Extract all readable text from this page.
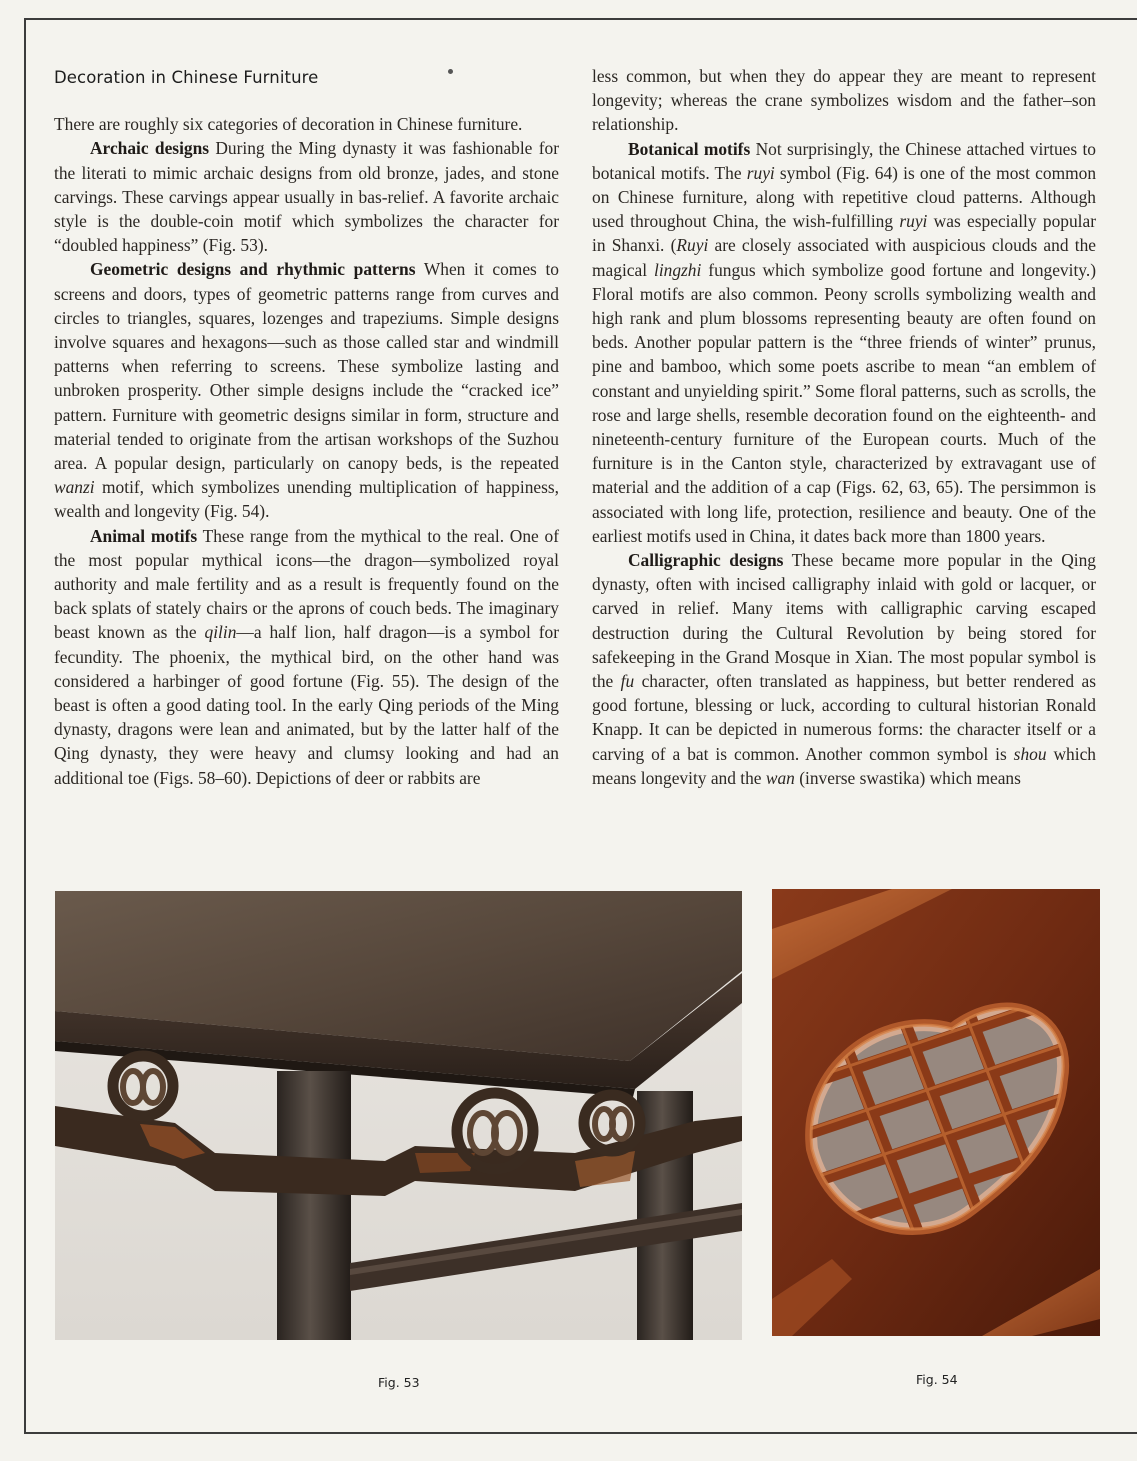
Decoration in Chinese Furniture

There are roughly six categories of decoration in Chinese furniture.

Archaic designs During the Ming dynasty it was fashionable for the literati to mimic archaic designs from old bronze, jades, and stone carvings. These carvings appear usually in bas-relief. A favorite archaic style is the double-coin motif which symbolizes the character for “doubled happiness” (Fig. 53).

Geometric designs and rhythmic patterns When it comes to screens and doors, types of geometric patterns range from curves and circles to triangles, squares, lozenges and trapeziums. Simple designs involve squares and hexagons—such as those called star and windmill patterns when referring to screens. These symbolize lasting and unbroken prosperity. Other simple designs include the “cracked ice” pattern. Furniture with geometric designs similar in form, structure and material tended to originate from the artisan workshops of the Suzhou area. A popular design, particularly on canopy beds, is the repeated wanzi motif, which symbolizes unending multiplication of happiness, wealth and longevity (Fig. 54).

Animal motifs These range from the mythical to the real. One of the most popular mythical icons—the dragon—symbolized royal authority and male fertility and as a result is frequently found on the back splats of stately chairs or the aprons of couch beds. The imaginary beast known as the qilin—a half lion, half dragon—is a symbol for fecundity. The phoenix, the mythical bird, on the other hand was considered a harbinger of good fortune (Fig. 55). The design of the beast is often a good dating tool. In the early Qing periods of the Ming dynasty, dragons were lean and animated, but by the latter half of the Qing dynasty, they were heavy and clumsy looking and had an additional toe (Figs. 58–60). Depictions of deer or rabbits are

less common, but when they do appear they are meant to represent longevity; whereas the crane symbolizes wisdom and the father–son relationship.

Botanical motifs Not surprisingly, the Chinese attached virtues to botanical motifs. The ruyi symbol (Fig. 64) is one of the most common on Chinese furniture, along with repetitive cloud patterns. Although used throughout China, the wish-fulfilling ruyi was especially popular in Shanxi. (Ruyi are closely associated with auspicious clouds and the magical lingzhi fungus which symbolize good fortune and longevity.) Floral motifs are also common. Peony scrolls symbolizing wealth and high rank and plum blossoms representing beauty are often found on beds. Another popular pattern is the “three friends of winter” prunus, pine and bamboo, which some poets ascribe to mean “an emblem of constant and unyielding spirit.” Some floral patterns, such as scrolls, the rose and large shells, resemble decoration found on the eighteenth- and nineteenth-century furniture of the European courts. Much of the furniture is in the Canton style, characterized by extravagant use of material and the addition of a cap (Figs. 62, 63, 65). The persimmon is associated with long life, protection, resilience and beauty. One of the earliest motifs used in China, it dates back more than 1800 years.

Calligraphic designs These became more popular in the Qing dynasty, often with incised calligraphy inlaid with gold or lacquer, or carved in relief. Many items with calligraphic carving escaped destruction during the Cultural Revolution by being stored for safekeeping in the Grand Mosque in Xian. The most popular symbol is the fu character, often translated as happiness, but better rendered as good fortune, blessing or luck, according to cultural historian Ronald Knapp. It can be depicted in numerous forms: the character itself or a carving of a bat is common. Another common symbol is shou which means longevity and the wan (inverse swastika) which means

Fig. 53	Fig. 54
